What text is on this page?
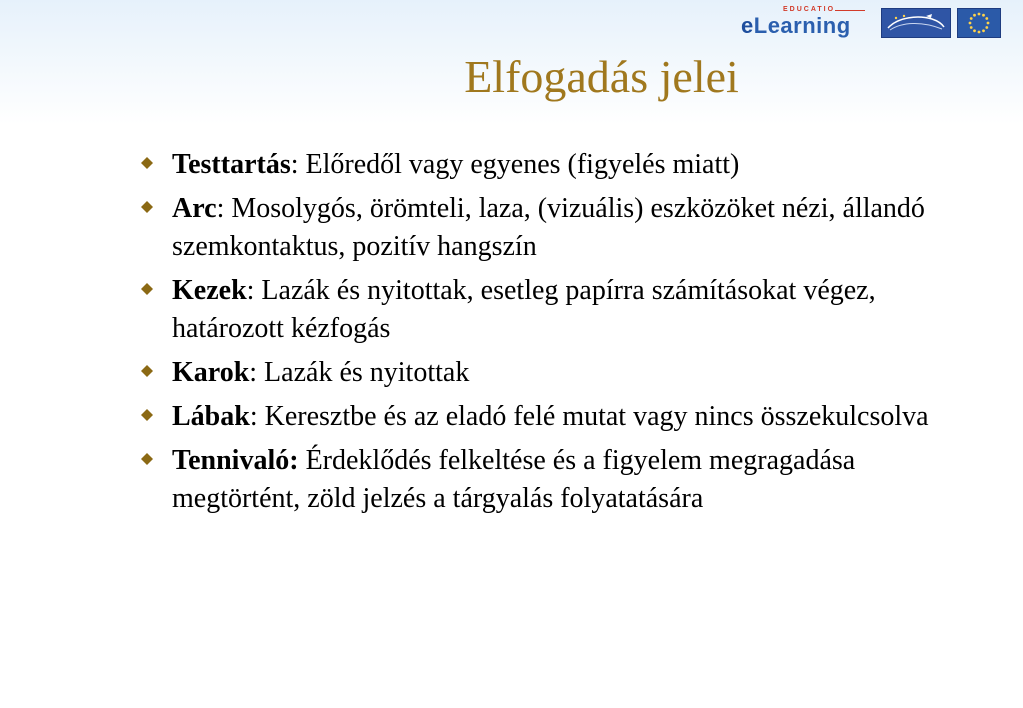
EDUCATIO
eLearning
Elfogadás jelei
Testtartás: Előredől vagy egyenes (figyelés miatt)
Arc: Mosolygós, örömteli, laza, (vizuális) eszközöket nézi, állandó szemkontaktus, pozitív hangszín
Kezek: Lazák és nyitottak, esetleg papírra számításokat végez, határozott kézfogás
Karok: Lazák és nyitottak
Lábak: Keresztbe és az eladó felé mutat vagy nincs összekulcsolva
Tennivaló: Érdeklődés felkeltése és a figyelem megragadása megtörtént, zöld jelzés a tárgyalás folyatatására
